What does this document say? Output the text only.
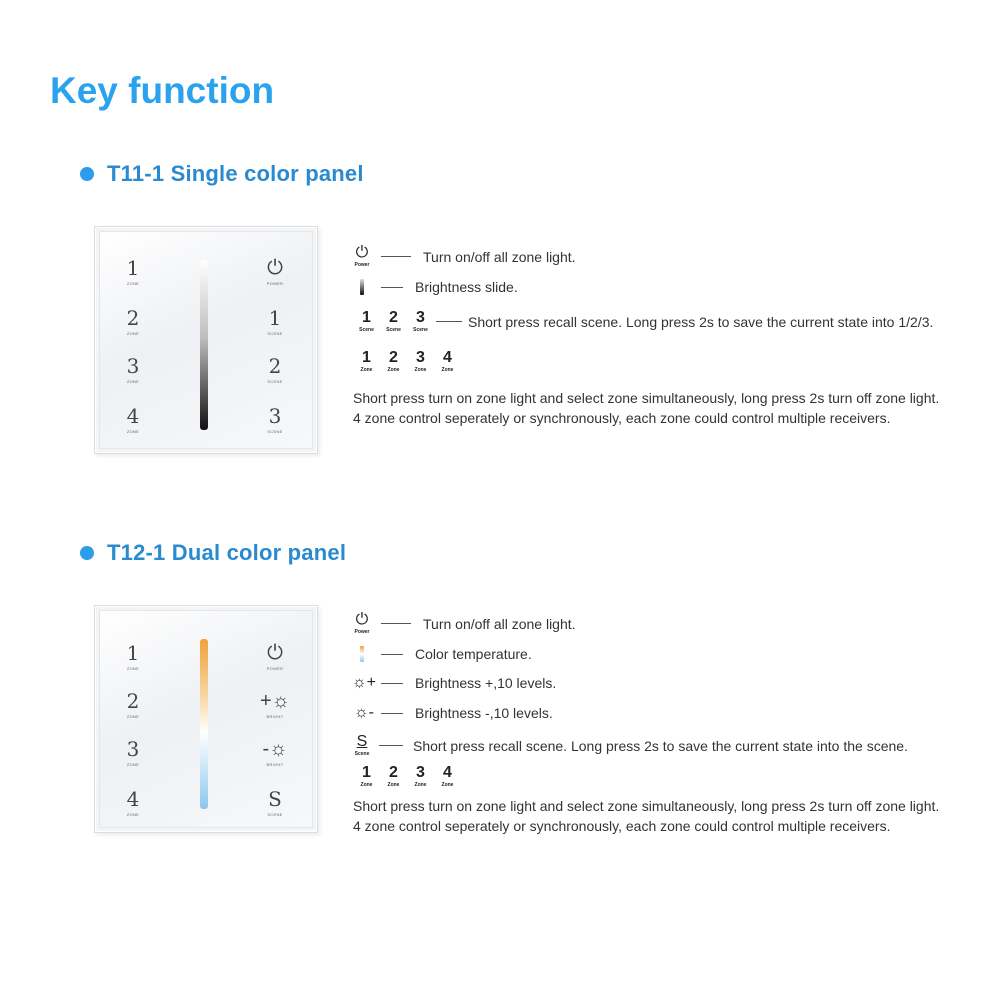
Key function
T11-1 Single color panel
1
ZONE
2
ZONE
3
ZONE
4
ZONE
⏻
POWER
1
SCENE
2
SCENE
3
SCENE
⏻
Power
Turn on/off all zone light.
Brightness slide.
1
Scene
2
Scene
3
Scene
Short press recall scene. Long press 2s to save the current state into 1/2/3.
1
Zone
2
Zone
3
Zone
4
Zone
Short press turn on zone light and select zone simultaneously, long press 2s turn off zone light.
4 zone control seperately or synchronously, each zone could control multiple receivers.
T12-1 Dual color panel
1
ZONE
2
ZONE
3
ZONE
4
ZONE
⏻
POWER
+☼
BRIGHT
-☼
BRIGHT
S
SCENE
⏻
Power
Turn on/off all zone light.
Color temperature.
☼+	Brightness +,10 levels.
☼-	Brightness -,10 levels.
S
Scene
Short press recall scene. Long press 2s to save the current state into the scene.
1
Zone
2
Zone
3
Zone
4
Zone
Short press turn on zone light and select zone simultaneously, long press 2s turn off zone light.
4 zone control seperately or synchronously, each zone could control multiple receivers.
